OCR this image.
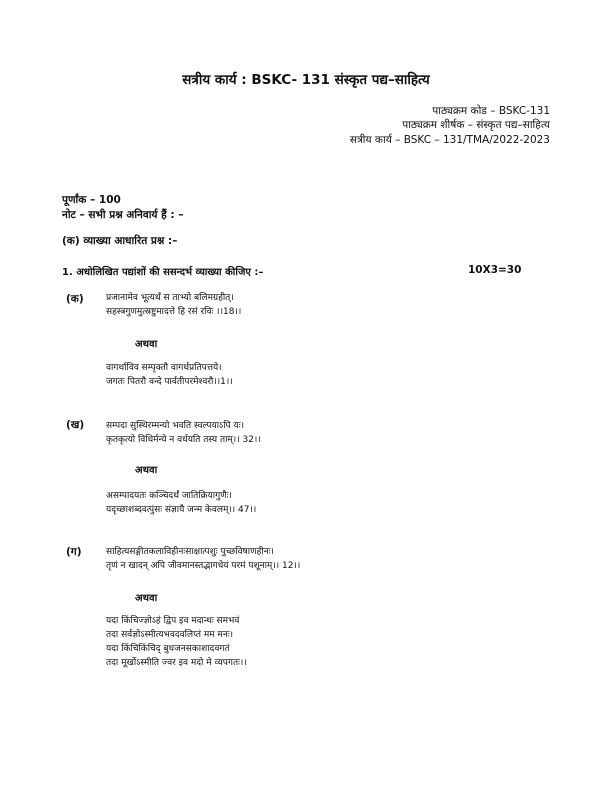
सत्रीय कार्य : BSKC- 131 संस्कृत पद्य–साहित्य
पाठ्यक्रम कोड – BSKC-131
पाठ्यक्रम शीर्षक – संस्कृत पद्य–साहित्य
सत्रीय कार्य – BSKC – 131/TMA/2022-2023
पूर्णांक – 100
नोट – सभी प्रश्न अनिवार्य हैं : –
(क) व्याख्या आधारित प्रश्न :–
1. अधोलिखित पद्यांशों की ससन्दर्भ व्याख्या कीजिए :–	10X3=30
(क) प्रजानामेव भूत्यर्थं स ताभ्यो बलिमग्रहीत्।
सहस्त्रगुणमुत्स्रष्टुमादत्ते हि रसं रविः ।।18।।
अथवा
वागर्थाविव सम्पृक्तौ वागर्थप्रतिपत्तये।
जगतः पितरौ वन्दे पार्वतीपरमेश्वरौ।।1।।
(ख) सम्पदा सुस्थिरम्मन्यो भवति स्वल्पयाऽपि यः।
कृतकृत्यो विधिर्मन्ये न वर्धयति तस्य ताम्।। 32।।
अथवा
असम्पादयतः कञ्चिदर्थं जातिक्रियागुणैः।
यदृच्छाशब्दवत्पुंसः संज्ञायै जन्म केवलम्।। 47।।
(ग)	साहित्यसङ्गीतकलाविहीनःसाक्षात्पशुः पुच्छविषाणहीनः।
तृणं न खादन् अपि जीवमानस्तद्भागधेयं परमं पशूनाम्।। 12।।
अथवा
यदा किंचिज्ज्ञोऽहं द्विप इव मदान्धः समभवं
तदा सर्वज्ञोऽस्मीत्यभवदवलिप्तं मम मनः।
यदा किंचिकिंचिद् बुधजनसकाशादवगतं
तदा मूर्खोऽस्मीति ज्वर इव मदो मे व्यपगतः।।
